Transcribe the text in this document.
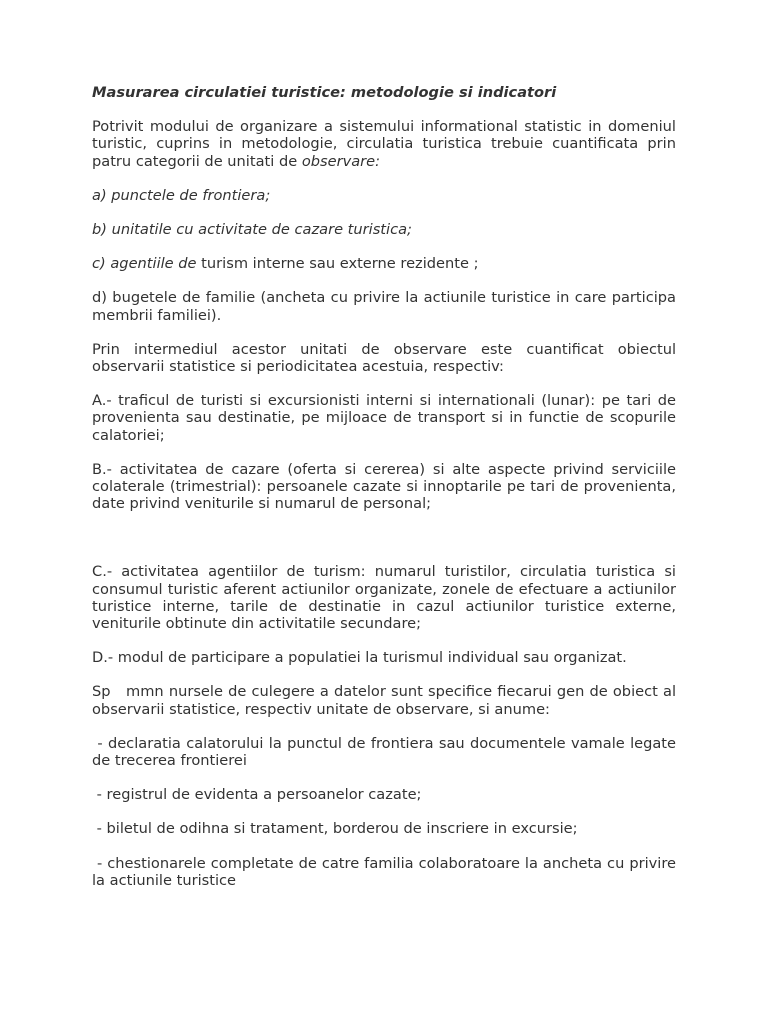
Masurarea circulatiei turistice: metodologie si indicatori

Potrivit modului de organizare a sistemului informational statistic in domeniul turistic, cuprins in metodologie, circulatia turistica trebuie cuantificata prin patru categorii de unitati de observare:

a) punctele de frontiera;

b) unitatile cu activitate de cazare turistica;

c) agentiile de turism interne sau externe rezidente ;

d) bugetele de familie (ancheta cu privire la actiunile turistice in care participa membrii familiei).

Prin intermediul acestor unitati de observare este cuantificat obiectul observarii statistice si periodicitatea acestuia, respectiv:

A.- traficul de turisti si excursionisti interni si internationali (lunar): pe tari de provenienta sau destinatie, pe mijloace de transport si in functie de scopurile calatoriei;

B.- activitatea de cazare (oferta si cererea) si alte aspecte privind serviciile colaterale (trimestrial): persoanele cazate si innoptarile pe tari de provenienta, date privind veniturile si numarul de personal;

C.- activitatea agentiilor de turism: numarul turistilor, circulatia turistica si consumul turistic aferent actiunilor organizate, zonele de efectuare a actiunilor turistice interne, tarile de destinatie in cazul actiunilor turistice externe, veniturile obtinute din activitatile secundare;

D.- modul de participare a populatiei la turismul individual sau organizat.

Sp   mmn nursele de culegere a datelor sunt specifice fiecarui gen de obiect al observarii statistice, respectiv unitate de observare, si anume:

- declaratia calatorului la punctul de frontiera sau documentele vamale legate de trecerea frontierei

- registrul de evidenta a persoanelor cazate;

- biletul de odihna si tratament, borderou de inscriere in excursie;

- chestionarele completate de catre familia colaboratoare la ancheta cu privire la actiunile turistice
